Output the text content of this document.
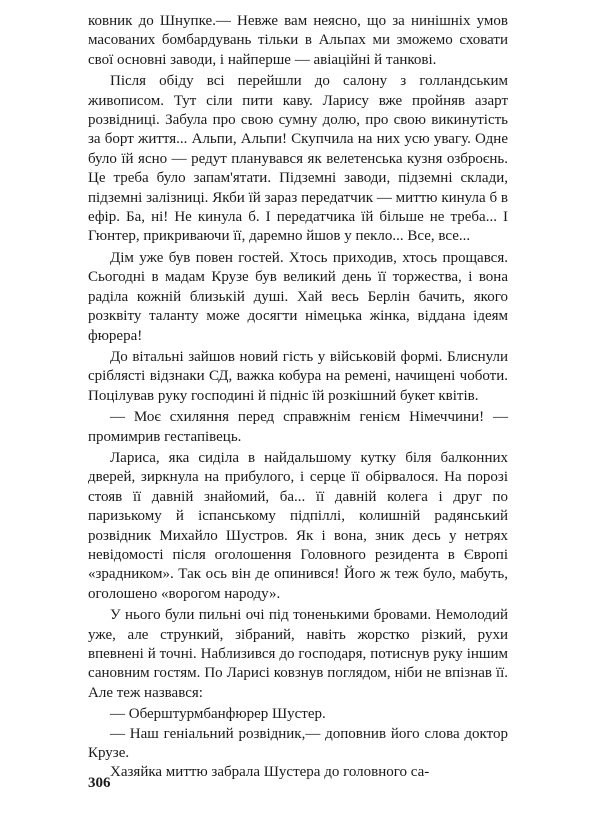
ковник до Шнупке.— Невже вам неясно, що за нинішніх умов масованих бомбардувань тільки в Альпах ми зможемо сховати свої основні заводи, і найперше — авіаційні й танкові.

Після обіду всі перейшли до салону з голландським живописом. Тут сіли пити каву. Ларису вже пройняв азарт розвідниці. Забула про свою сумну долю, про свою викинутість за борт життя... Альпи, Альпи! Скупчила на них усю увагу. Одне було їй ясно — редут планувався як велетенська кузня озброєнь. Це треба було запам'ятати. Підземні заводи, підземні склади, підземні залізниці. Якби їй зараз передатчик — миттю кинула б в ефір. Ба, ні! Не кинула б. І передатчика їй більше не треба... І Гюнтер, прикриваючи її, даремно йшов у пекло... Все, все...

Дім уже був повен гостей. Хтось приходив, хтось прощався. Сьогодні в мадам Крузе був великий день її торжества, і вона раділа кожній близькій душі. Хай весь Берлін бачить, якого розквіту таланту може досягти німецька жінка, віддана ідеям фюрера!

До вітальні зайшов новий гість у військовій формі. Блиснули сріблясті відзнаки СД, важка кобура на ремені, начищені чоботи. Поцілував руку господині й підніс їй розкішний букет квітів.

— Моє схиляння перед справжнім генієм Німеччини! — промимрив гестапівець.

Лариса, яка сиділа в найдальшому кутку біля балконних дверей, зиркнула на прибулого, і серце її обірвалося. На порозі стояв її давній знайомий, ба... її давній колега і друг по паризькому й іспанському підпіллі, колишній радянський розвідник Михайло Шустров. Як і вона, зник десь у нетрях невідомості після оголошення Головного резидента в Європі «зрадником». Так ось він де опинився! Його ж теж було, мабуть, оголошено «ворогом народу».

У нього були пильні очі під тоненькими бровами. Немолодий уже, але стрункий, зібраний, навіть жорстко різкий, рухи впевнені й точні. Наблизився до господаря, потиснув руку іншим сановним гостям. По Ларисі ковзнув поглядом, ніби не впізнав її. Але теж назвався:

— Оберштурмбанфюрер Шустер.

— Наш геніальний розвідник,— доповнив його слова доктор Крузе.

Хазяйка миттю забрала Шустера до головного са-

306
